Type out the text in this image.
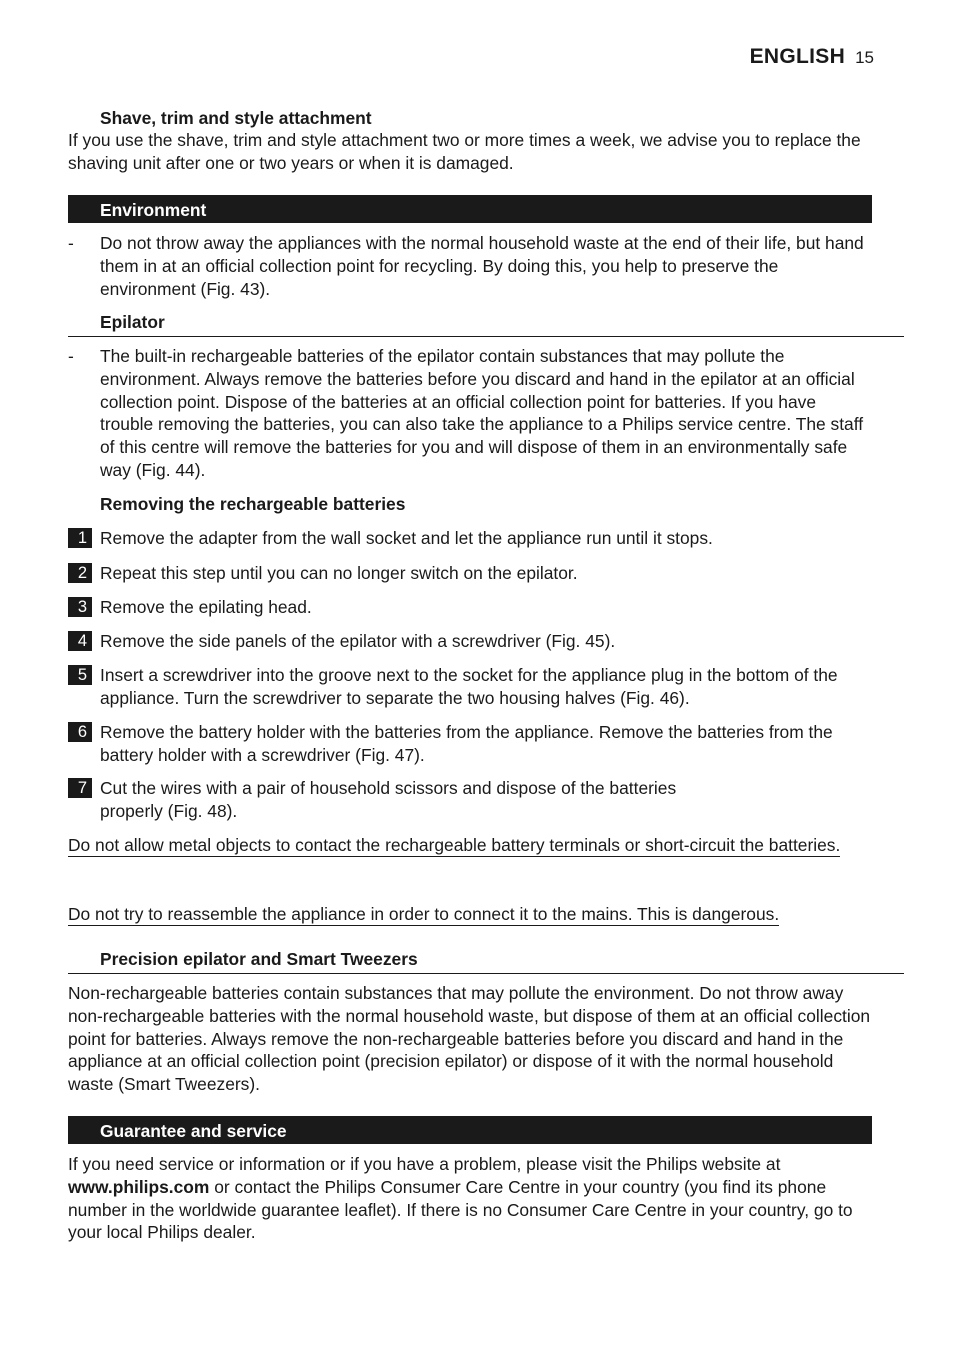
ENGLISH 15
Shave, trim and style attachment

If you use the shave, trim and style attachment two or more times a week, we advise you to replace the shaving unit after one or two years or when it is damaged.

Environment
-	Do not throw away the appliances with the normal household waste at the end of their life, but hand them in at an official collection point for recycling. By doing this, you help to preserve the environment (Fig. 43).
Epilator
-	The built-in rechargeable batteries of the epilator contain substances that may pollute the environment. Always remove the batteries before you discard and hand in the epilator at an official collection point. Dispose of the batteries at an official collection point for batteries. If you have trouble removing the batteries, you can also take the appliance to a Philips service centre. The staff of this centre will remove the batteries for you and will dispose of them in an environmentally safe way (Fig. 44).
Removing the rechargeable batteries
1 Remove the adapter from the wall socket and let the appliance run until it stops.
2 Repeat this step until you can no longer switch on the epilator.
3 Remove the epilating head.
4 Remove the side panels of the epilator with a screwdriver (Fig. 45).
5 Insert a screwdriver into the groove next to the socket for the appliance plug in the bottom of the appliance. Turn the screwdriver to separate the two housing halves (Fig. 46).
6 Remove the battery holder with the batteries from the appliance. Remove the batteries from the battery holder with a screwdriver (Fig. 47).
7 Cut the wires with a pair of household scissors and dispose of the batteries properly (Fig. 48).
Do not allow metal objects to contact the rechargeable battery terminals or short-circuit the batteries.
Do not try to reassemble the appliance in order to connect it to the mains. This is dangerous.
Precision epilator and Smart Tweezers

Non-rechargeable batteries contain substances that may pollute the environment. Do not throw away non-rechargeable batteries with the normal household waste, but dispose of them at an official collection point for batteries. Always remove the non-rechargeable batteries before you discard and hand in the appliance at an official collection point (precision epilator) or dispose of it with the normal household waste (Smart Tweezers).

Guarantee and service

If you need service or information or if you have a problem, please visit the Philips website at www.philips.com or contact the Philips Consumer Care Centre in your country (you find its phone number in the worldwide guarantee leaflet). If there is no Consumer Care Centre in your country, go to your local Philips dealer.
